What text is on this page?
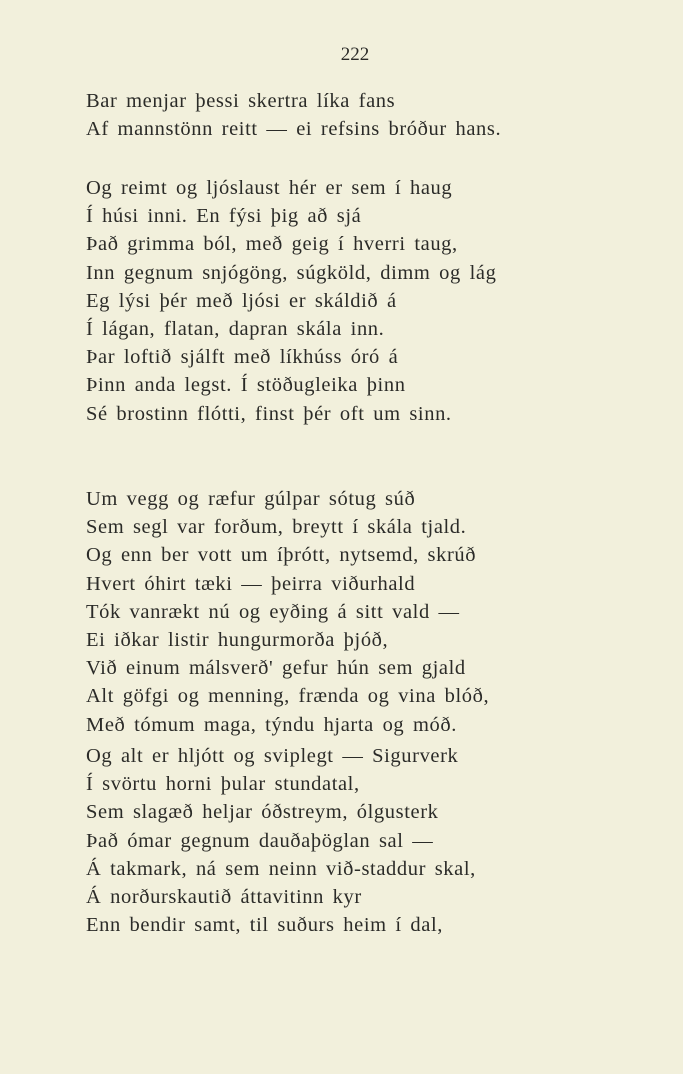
222
Bar menjar þessi skertra líka fans
Af mannstönn reitt — ei refsins bróður hans.
Og reimt og ljóslaust hér er sem í haug
Í húsi inni. En fýsi þig að sjá
Það grimma ból, með geig í hverri taug,
Inn gegnum snjógöng, súgköld, dimm og lág
Eg lýsi þér með ljósi er skáldið á
Í lágan, flatan, dapran skála inn.
Þar loftið sjálft með líkhúss óró á
Þinn anda legst. Í stöðugleika þinn
Sé brostinn flótti, finst þér oft um sinn.
Um vegg og ræfur gúlpar sótug súð
Sem segl var forðum, breytt í skála tjald.
Og enn ber vott um íþrótt, nytsemd, skrúð
Hvert óhirt tæki — þeirra viðurhald
Tók vanrækt nú og eyðing á sitt vald —
Ei iðkar listir hungurmorða þjóð,
Við einum málsverð' gefur hún sem gjald
Alt göfgi og menning, frænda og vina blóð,
Með tómum maga, týndu hjarta og móð.
Og alt er hljótt og sviplegt — Sigurverk
Í svörtu horni þular stundatal,
Sem slagæð heljar óðstreym, ólgusterk
Það ómar gegnum dauðaþöglan sal —
Á takmark, ná sem neinn við-staddur skal,
Á norðurskautið áttavitinn kyr
Enn bendir samt, til suðurs heim í dal,
